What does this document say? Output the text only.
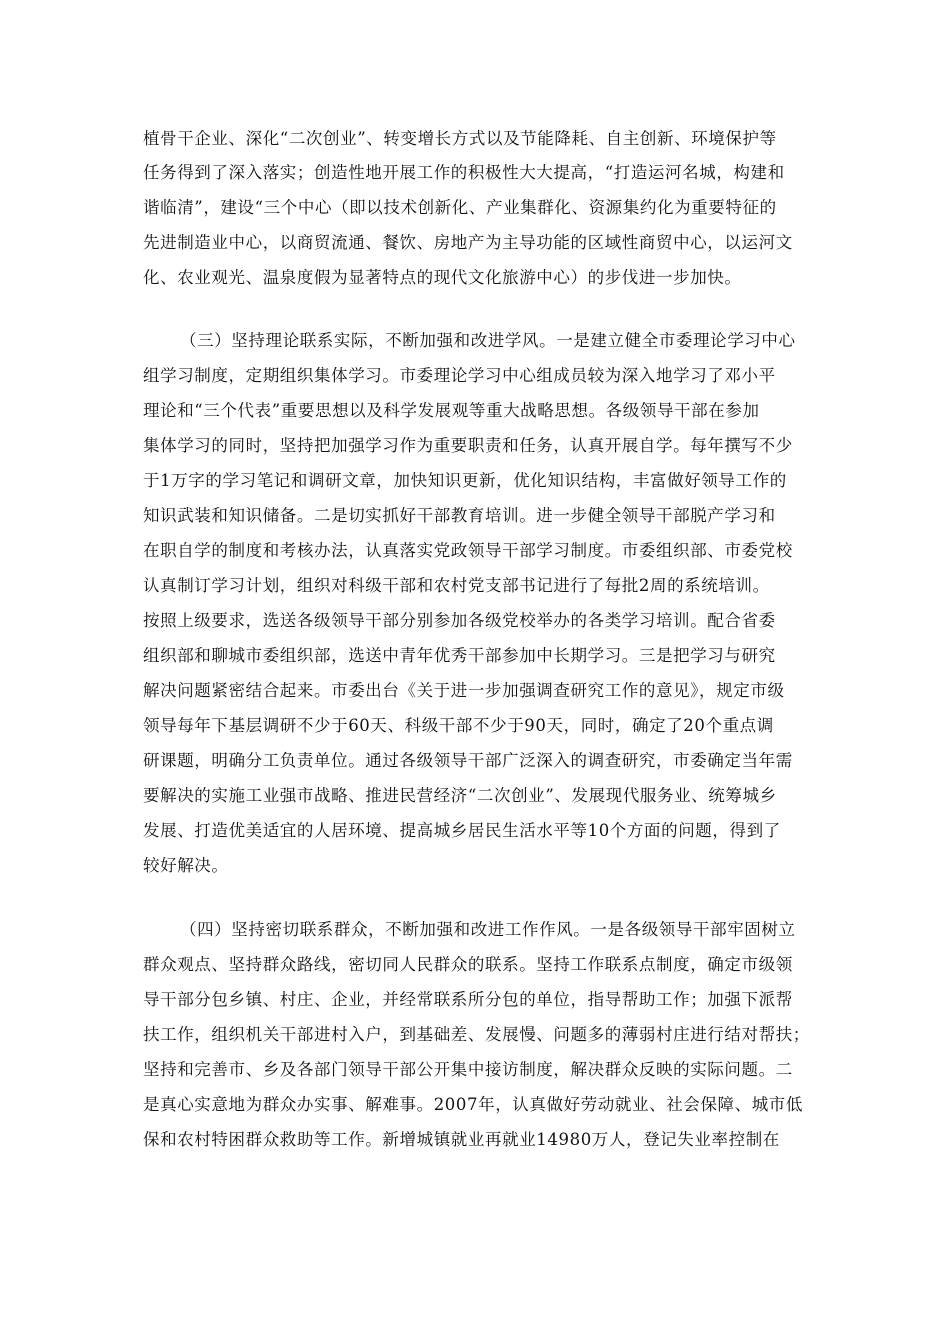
植骨干企业、深化“二次创业”、转变增长方式以及节能降耗、自主创新、环境保护等
任务得到了深入落实；创造性地开展工作的积极性大大提高，“打造运河名城，构建和
谐临清”，建设“三个中心（即以技术创新化、产业集群化、资源集约化为重要特征的
先进制造业中心，以商贸流通、餐饮、房地产为主导功能的区域性商贸中心，以运河文
化、农业观光、温泉度假为显著特点的现代文化旅游中心）的步伐进一步加快。
（三）坚持理论联系实际，不断加强和改进学风。一是建立健全市委理论学习中心
组学习制度，定期组织集体学习。市委理论学习中心组成员较为深入地学习了邓小平
理论和“三个代表”重要思想以及科学发展观等重大战略思想。各级领导干部在参加
集体学习的同时，坚持把加强学习作为重要职责和任务，认真开展自学。每年撰写不少
于1万字的学习笔记和调研文章，加快知识更新，优化知识结构，丰富做好领导工作的
知识武装和知识储备。二是切实抓好干部教育培训。进一步健全领导干部脱产学习和
在职自学的制度和考核办法，认真落实党政领导干部学习制度。市委组织部、市委党校
认真制订学习计划，组织对科级干部和农村党支部书记进行了每批2周的系统培训。
按照上级要求，选送各级领导干部分别参加各级党校举办的各类学习培训。配合省委
组织部和聊城市委组织部，选送中青年优秀干部参加中长期学习。三是把学习与研究
解决问题紧密结合起来。市委出台《关于进一步加强调查研究工作的意见》，规定市级
领导每年下基层调研不少于60天、科级干部不少于90天，同时，确定了20个重点调
研课题，明确分工负责单位。通过各级领导干部广泛深入的调查研究，市委确定当年需
要解决的实施工业强市战略、推进民营经济“二次创业”、发展现代服务业、统筹城乡
发展、打造优美适宜的人居环境、提高城乡居民生活水平等10个方面的问题，得到了
较好解决。
（四）坚持密切联系群众，不断加强和改进工作作风。一是各级领导干部牢固树立
群众观点、坚持群众路线，密切同人民群众的联系。坚持工作联系点制度，确定市级领
导干部分包乡镇、村庄、企业，并经常联系所分包的单位，指导帮助工作；加强下派帮
扶工作，组织机关干部进村入户，到基础差、发展慢、问题多的薄弱村庄进行结对帮扶；
坚持和完善市、乡及各部门领导干部公开集中接访制度，解决群众反映的实际问题。二
是真心实意地为群众办实事、解难事。2007年，认真做好劳动就业、社会保障、城市低
保和农村特困群众救助等工作。新增城镇就业再就业14980万人，登记失业率控制在
